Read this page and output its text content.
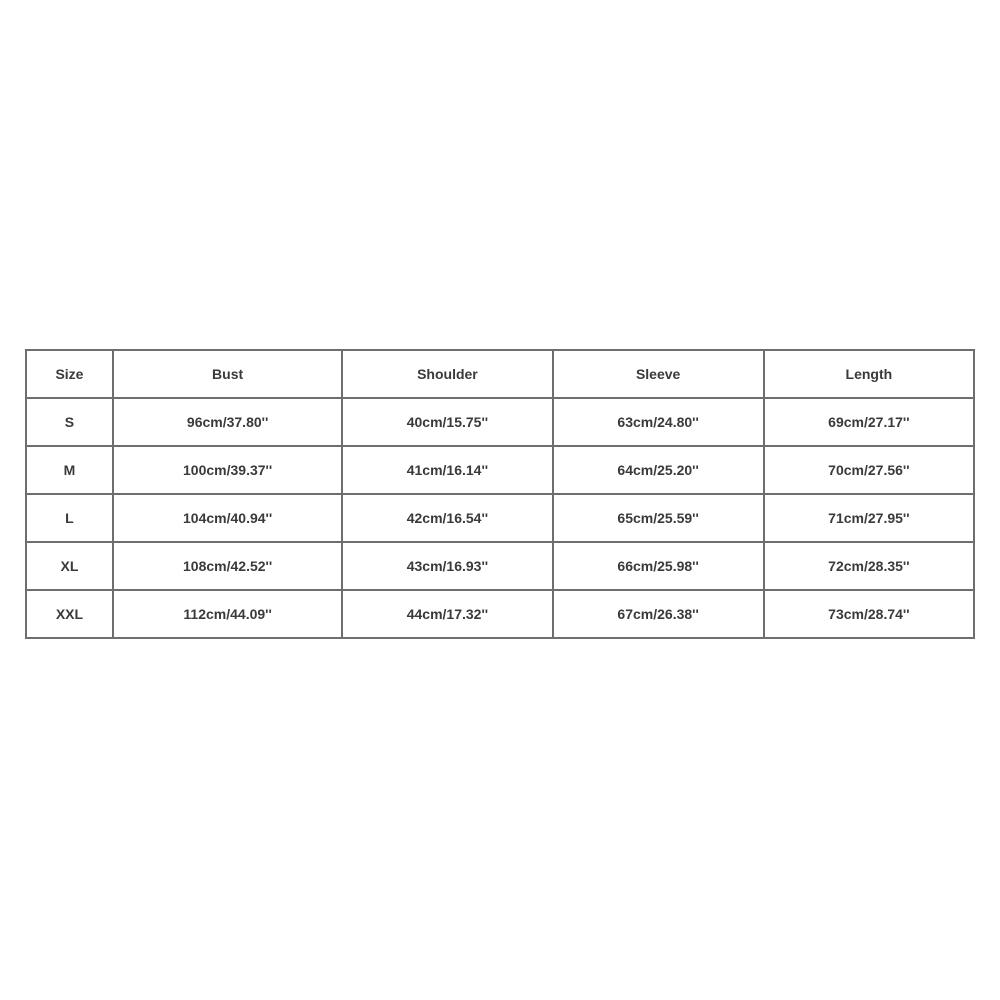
Size	Bust	Shoulder	Sleeve	Length
S	96cm/37.80''	40cm/15.75''	63cm/24.80''	69cm/27.17''
M	100cm/39.37''	41cm/16.14''	64cm/25.20''	70cm/27.56''
L	104cm/40.94''	42cm/16.54''	65cm/25.59''	71cm/27.95''
XL	108cm/42.52''	43cm/16.93''	66cm/25.98''	72cm/28.35''
XXL	112cm/44.09''	44cm/17.32''	67cm/26.38''	73cm/28.74''
